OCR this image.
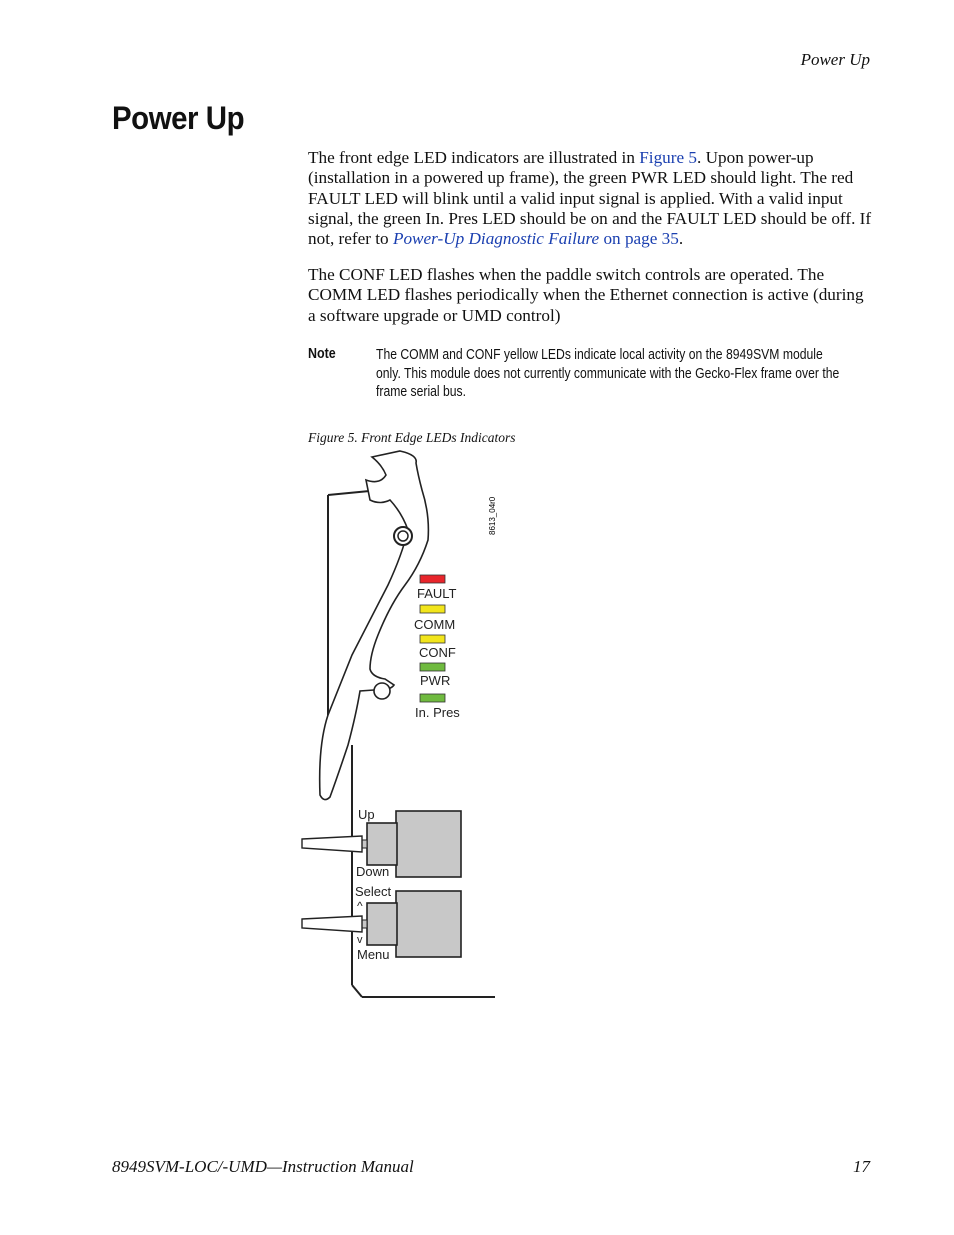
Power Up
Power Up

The front edge LED indicators are illustrated in Figure 5. Upon power-up (installation in a powered up frame), the green PWR LED should light. The red FAULT LED will blink until a valid input signal is applied. With a valid input signal, the green In. Pres LED should be on and the FAULT LED should be off. If not, refer to Power-Up Diagnostic Failure on page 35.

The CONF LED flashes when the paddle switch controls are operated. The COMM LED flashes periodically when the Ethernet connection is active (during a software upgrade or UMD control)

Note	The COMM and CONF yellow LEDs indicate local activity on the 8949SVM module only. This module does not currently communicate with the Gecko-Flex frame over the frame serial bus.
Figure 5. Front Edge LEDs Indicators
8613_04r0
FAULT
COMM
CONF
PWR
In. Pres
Up
Down
Select
^
v
Menu
8949SVM-LOC/-UMD—Instruction Manual	17
